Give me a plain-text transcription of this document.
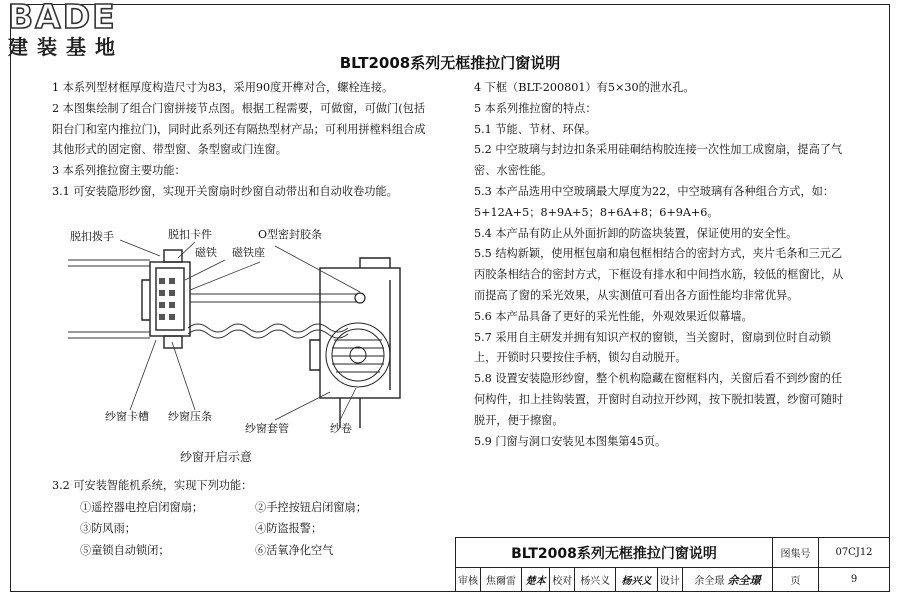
BADE
建装基地
BLT2008系列无框推拉门窗说明

1 本系列型材框厚度构造尺寸为83，采用90度开榫对合，螺栓连接。

2 本图集绘制了组合门窗拼接节点图。根据工程需要，可做窗，可做门(包括阳台门和室内推拉门)，同时此系列还有隔热型材产品；可利用拼樘料组合成其他形式的固定窗、带型窗、条型窗或门连窗。

3 本系列推拉窗主要功能：

3.1 可安装隐形纱窗，实现开关窗扇时纱窗自动带出和自动收卷功能。

脱扣拨手	脱扣卡件
磁铁
O型密封胶条
磁铁座
纱窗卡槽 纱窗压条
纱窗套管	纱卷
纱窗开启示意
3.2 可安装智能机系统，实现下列功能：
①遥控器电控启闭窗扇；	②手控按钮启闭窗扇；
③防风雨；	④防盗报警；
⑤童锁自动锁闭；	⑥活氧净化空气

4 下框（BLT-200801）有5×30的泄水孔。

5 本系列推拉窗的特点：

5.1 节能、节材、环保。

5.2 中空玻璃与封边扣条采用硅硐结构胶连接一次性加工成窗扇，提高了气密、水密性能。

5.3 本产品选用中空玻璃最大厚度为22，中空玻璃有各种组合方式，如：5+12A+5；8+9A+5；8+6A+8；6+9A+6。

5.4 本产品有防止从外面折卸的防盗块装置，保证使用的安全性。

5.5 结构新颖，使用框包扇和扇包框相结合的密封方式，夹片毛条和三元乙丙胶条相结合的密封方式，下框设有排水和中间挡水筋，较低的框窗比，从而提高了窗的采光效果，从实测值可看出各方面性能均非常优异。

5.6 本产品具备了更好的采光性能，外观效果近似幕墙。

5.7 采用自主研发并拥有知识产权的窗锁，当关窗时，窗扇到位时自动锁上，开锁时只要按住手柄，锁勾自动脱开。

5.8 设置安装隐形纱窗，整个机构隐藏在窗框料内，关窗后看不到纱窗的任何构件，扣上挂钩装置，开窗时自动拉开纱网，按下脱扣装置，纱窗可随时脱开，便于擦窗。

5.9 门窗与洞口安装见本图集第45页。

BLT2008系列无框推拉门窗说明								图集号	07CJ12
审核	焦爾雷	楚本	校对	杨兴义	杨兴义	设计	余全璟 余全璟	页	9
